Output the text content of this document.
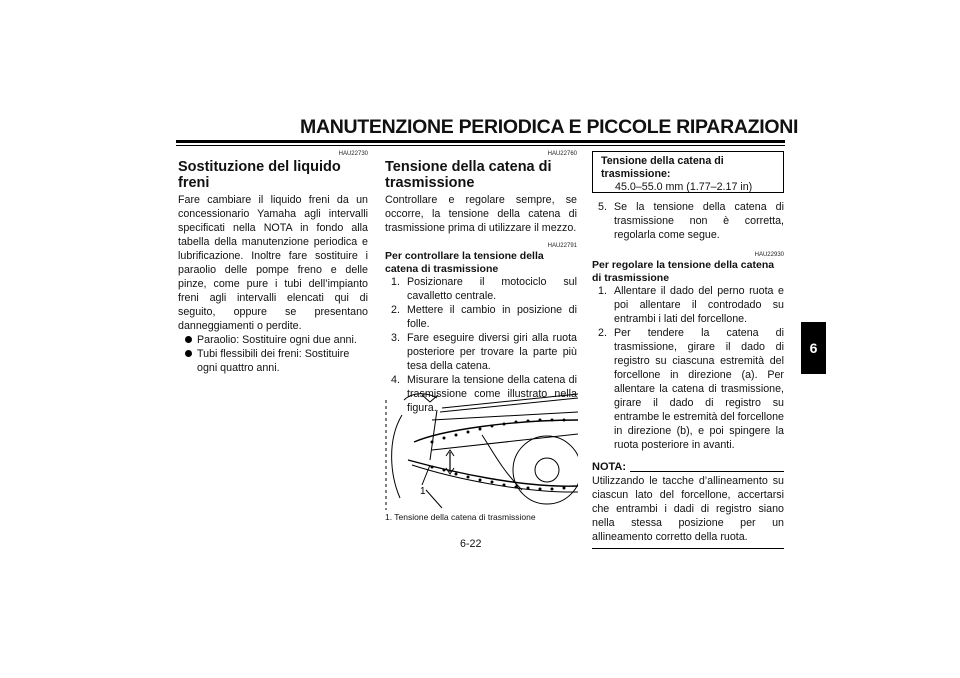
MANUTENZIONE PERIODICA E PICCOLE RIPARAZIONI
6
HAU22730
Sostituzione del liquido freni
Fare cambiare il liquido freni da un concessionario Yamaha agli intervalli specificati nella NOTA in fondo alla tabella della manutenzione periodica e lubrificazione. Inoltre fare sostituire i paraolio delle pompe freno e delle pinze, come pure i tubi dell’impianto freni agli intervalli elencati qui di seguito, oppure se presentano danneggiamenti o perdite.
Paraolio: Sostituire ogni due anni.
Tubi flessibili dei freni: Sostituire ogni quattro anni.
HAU22760
Tensione della catena di trasmissione
Controllare e regolare sempre, se occorre, la tensione della catena di trasmissione prima di utilizzare il mezzo.
HAU22791
Per controllare la tensione della catena di trasmissione
1. Posizionare il motociclo sul cavalletto centrale.
2. Mettere il cambio in posizione di folle.
3. Fare eseguire diversi giri alla ruota posteriore per trovare la parte più tesa della catena.
4. Misurare la tensione della catena di trasmissione come illustrato nella figura.
1
1. Tensione della catena di trasmissione
Tensione della catena di trasmissione:
45.0–55.0 mm (1.77–2.17 in)
5. Se la tensione della catena di trasmissione non è corretta, regolarla come segue.
HAU22930
Per regolare la tensione della catena di trasmissione
1. Allentare il dado del perno ruota e poi allentare il controdado su entrambi i lati del forcellone.
2. Per tendere la catena di trasmissione, girare il dado di registro su ciascuna estremità del forcellone in direzione (a). Per allentare la catena di trasmissione, girare il dado di registro su entrambe le estremità del forcellone in direzione (b), e poi spingere la ruota posteriore in avanti.
NOTA:
Utilizzando le tacche d’allineamento su ciascun lato del forcellone, accertarsi che entrambi i dadi di registro siano nella stessa posizione per un allineamento corretto della ruota.
6-22
